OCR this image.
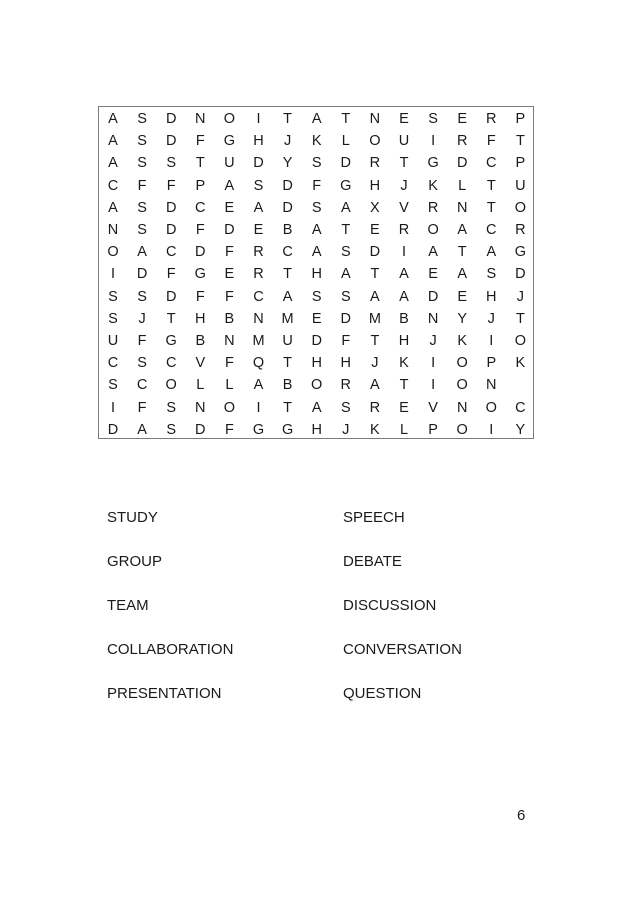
A	S	D	N	O	I	T	A	T	N	E	S	E	R	P
A	S	D	F	G	H	J	K	L	O	U	I	R	F	T
A	S	S	T	U	D	Y	S	D	R	T	G	D	C	P
C	F	F	P	A	S	D	F	G	H	J	K	L	T	U
A	S	D	C	E	A	D	S	A	X	V	R	N	T	O
N	S	D	F	D	E	B	A	T	E	R	O	A	C	R
O	A	C	D	F	R	C	A	S	D	I	A	T	A	G
I	D	F	G	E	R	T	H	A	T	A	E	A	S	D
S	S	D	F	F	C	A	S	S	A	A	D	E	H	J
S	J	T	H	B	N	M	E	D	M	B	N	Y	J	T
U	F	G	B	N	M	U	D	F	T	H	J	K	I	O
C	S	C	V	F	Q	T	H	H	J	K	I	O	P	K
S	C	O	L	L	A	B	O	R	A	T	I	O	N
I	F	S	N	O	I	T	A	S	R	E	V	N	O	C
D	A	S	D	F	G	G	H	J	K	L	P	O	I	Y
STUDY
GROUP
TEAM
COLLABORATION
PRESENTATION
SPEECH
DEBATE
DISCUSSION
CONVERSATION
QUESTION
6
